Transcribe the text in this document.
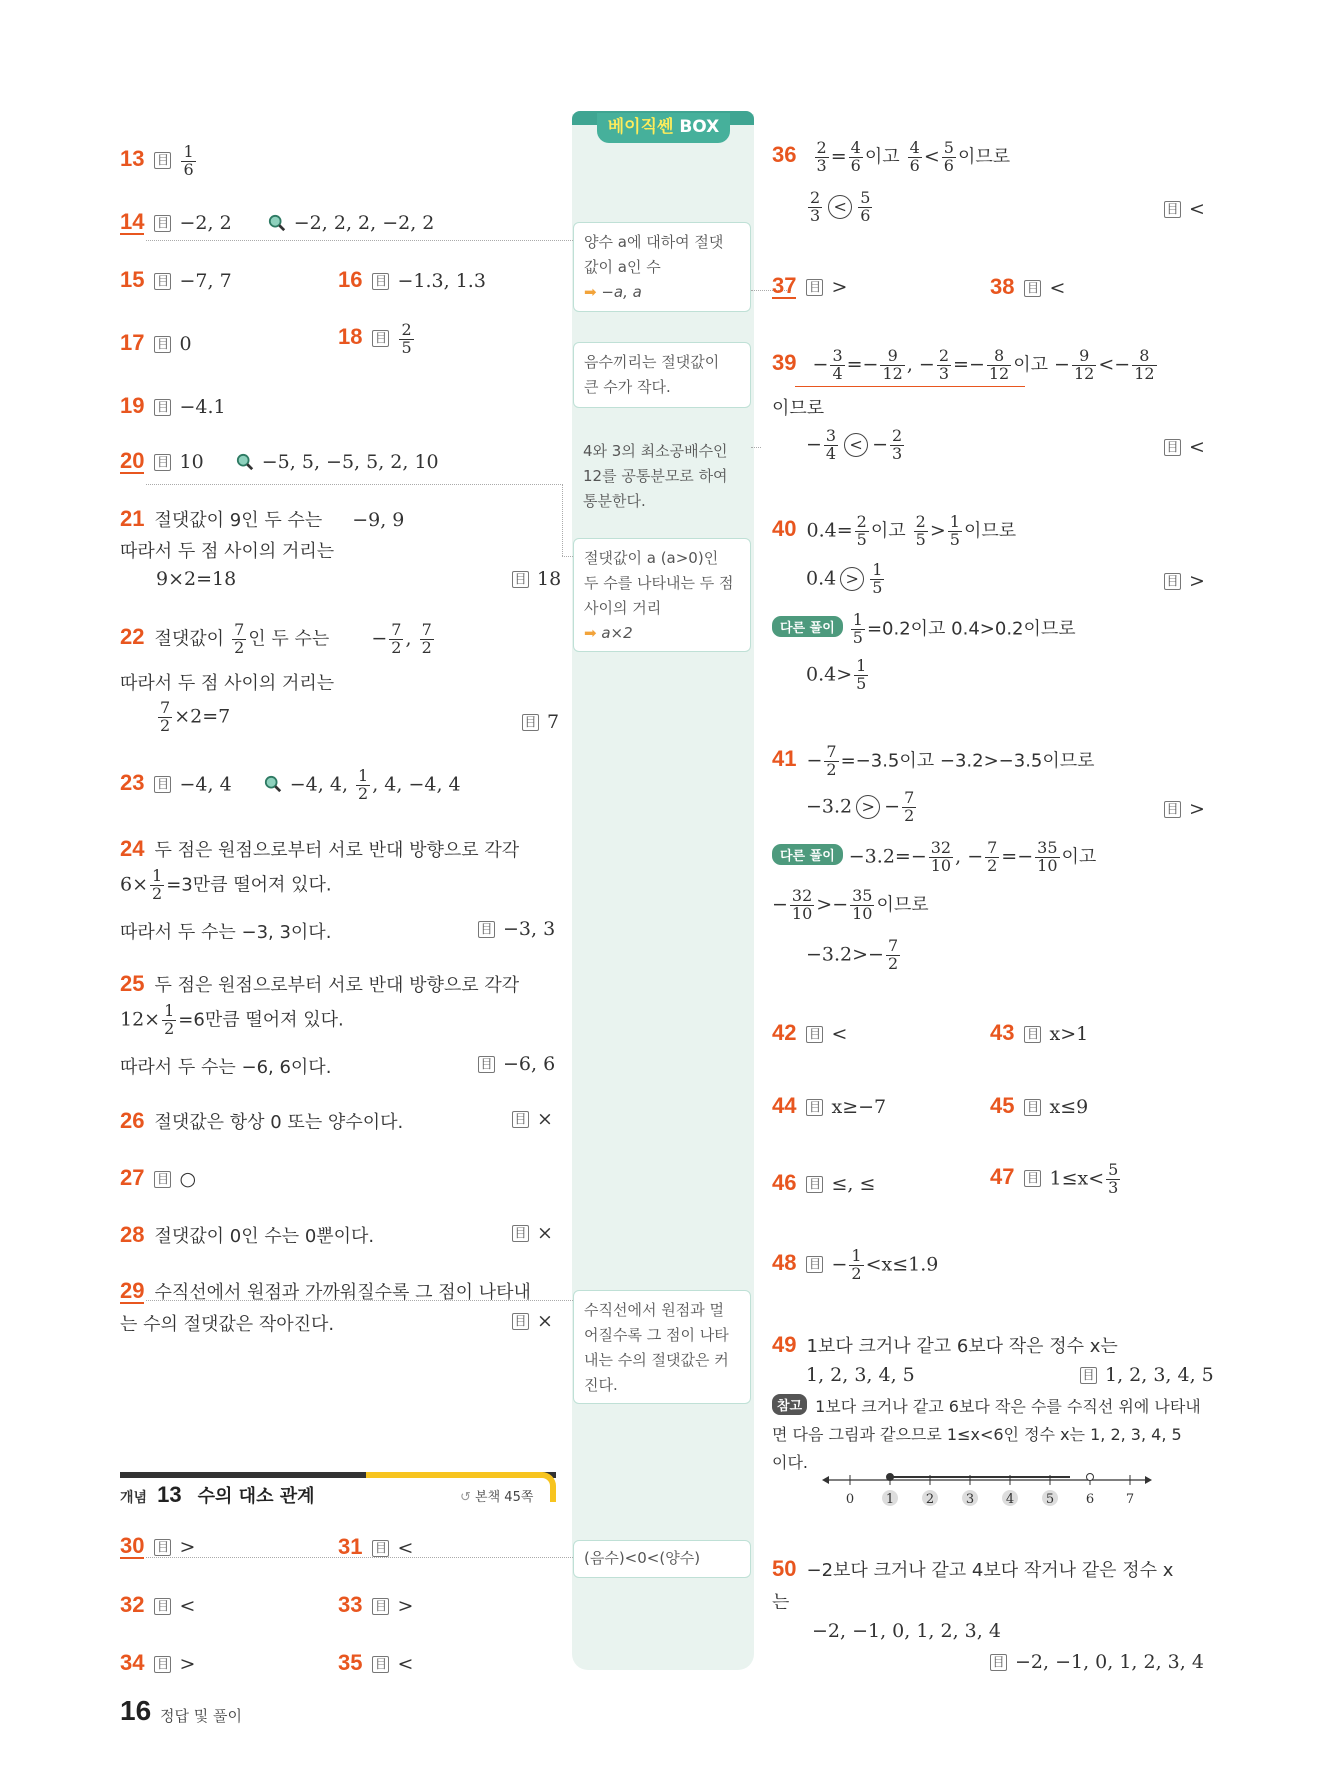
베이직쎈 BOX
양수 a에 대하여 절댓
값이 a인 수
➡ −a, a
음수끼리는 절댓값이
큰 수가 작다.
4와 3의 최소공배수인
12를 공통분모로 하여
통분한다.
절댓값이 a (a>0)인
두 수를 나타내는 두 점
사이의 거리
➡ a×2
수직선에서 원점과 멀
어질수록 그 점이 나타
내는 수의 절댓값은 커
진다.
(음수)<0<(양수)
13 目 $\frac{1}{6}$
14 目 −2, 2	−2, 2, 2, −2, 2
15 目 −7, 7	16 目 −1.3, 1.3
17 目 0	18 目 $\frac{2}{5}$
19 目 −4.1
20 目 10	−5, 5, −5, 5, 2, 10
21 절댓값이 9인 두 수는 −9, 9
따라서 두 점 사이의 거리는
9×2=18	目 18
22 절댓값이 $\frac{7}{2}$ 인 두 수는 − $\frac{7}{2}$ , $\frac{7}{2}$
따라서 두 점 사이의 거리는
$\frac{7}{2} \times 2=7$	目 7
23 目 −4, 4	−4, 4, $\frac{1}{2}$ , 4, −4, 4
24 두 점은 원점으로부터 서로 반대 방향으로 각각
$6\times \frac{1}{2} =3$만큼 떨어져 있다.
따라서 두 수는 −3, 3이다.	目 −3, 3
25 두 점은 원점으로부터 서로 반대 방향으로 각각
$12\times \frac{1}{2} =6$만큼 떨어져 있다.
따라서 두 수는 −6, 6이다.	目 −6, 6
26 절댓값은 항상 0 또는 양수이다.	目 ×
27 目 ○
28 절댓값이 0인 수는 0뿐이다.	目 ×
29 수직선에서 원점과 가까워질수록 그 점이 나타내
는 수의 절댓값은 작아진다.	目 ×
개념 13 수의 대소 관계	↺ 본책 45쪽
30 目 >	31 目 <
32 目 <	33 目 >
34 目 >	35 目 <
$36 \frac{2}{3} = \frac{4}{6}$ 이고 $\frac{4}{6} < \frac{5}{6}$ 이므로
$\frac{2}{3} < \frac{5}{6}$	目 <
37 目 >	38 目 <
$39 - \frac{3}{4} =- \frac{9}{12}$ , − $\frac{2}{3} =- \frac{8}{12}$ 이고 − $\frac{9}{12} <- \frac{8}{12}$
이므로
− $\frac{3}{4}$ < − $\frac{2}{3}$	目 <
40 $0.4= \frac{2}{5}$ 이고 $\frac{2}{5} > \frac{1}{5}$ 이므로
$0.4 > \frac{1}{5}$	目 >
다른 풀이 $\frac{1}{5} =0.2$이고 0.4>0.2이므로
$0.4> \frac{1}{5}$
$41 - \frac{7}{2} =-3.5$이고 −3.2>−3.5이므로
−3.2 > − $\frac{7}{2}$	目 >
다른 풀이 $-3.2=- \frac{32}{10}$ , − $\frac{7}{2} =- \frac{35}{10}$ 이고
− $\frac{32}{10} >- \frac{35}{10}$ 이므로
$-3.2>- \frac{7}{2}$
42 目 <	43 目 x>1
44 目 x≥−7	45 目 x≤9
46 目 ≤, ≤	47 目 $1\le x< \frac{5}{3}$
48 目 − $\frac{1}{2} <x\le 1.9$
49 1보다 크거나 같고 6보다 작은 정수 x는
1, 2, 3, 4, 5	目 1, 2, 3, 4, 5
참고 1보다 크거나 같고 6보다 작은 수를 수직선 위에 나타내
면 다음 그림과 같으므로 1≤x<6인 정수 x는 1, 2, 3, 4, 5
이다.
0 1 2 3 4 5 6 7
50 −2보다 크거나 같고 4보다 작거나 같은 정수 x
는
−2, −1, 0, 1, 2, 3, 4
目 −2, −1, 0, 1, 2, 3, 4
16 정답 및 풀이
